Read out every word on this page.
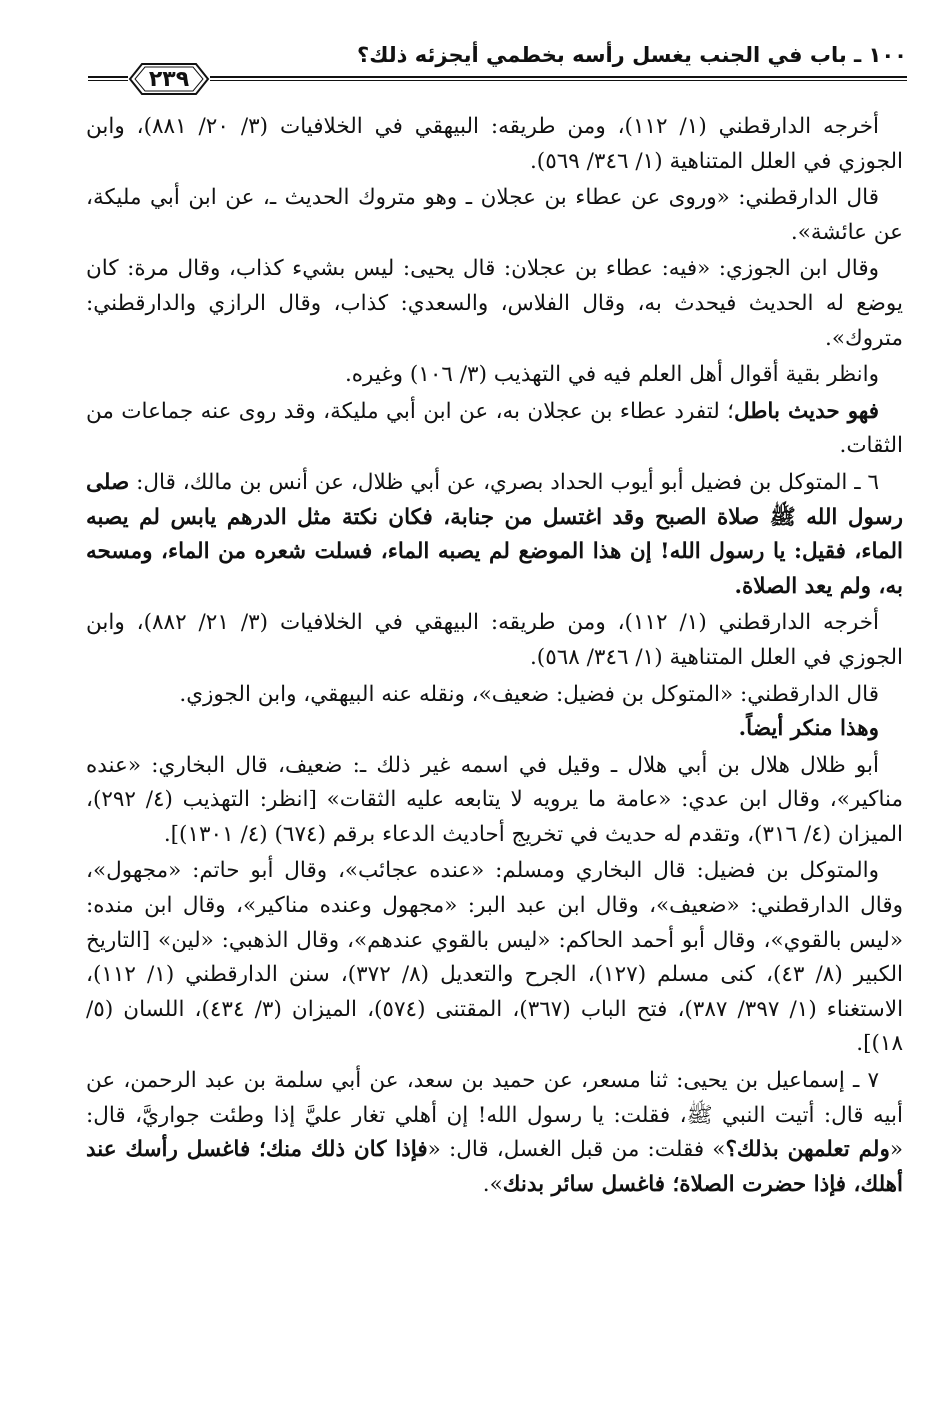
١٠٠ ـ باب في الجنب يغسل رأسه بخطمي أيجزئه ذلك؟
٢٣٩

أخرجه الدارقطني (١/ ١١٢)، ومن طريقه: البيهقي في الخلافيات (٣/ ٢٠/ ٨٨١)، وابن الجوزي في العلل المتناهية (١/ ٣٤٦/ ٥٦٩).

قال الدارقطني: «وروى عن عطاء بن عجلان ـ وهو متروك الحديث ـ، عن ابن أبي مليكة، عن عائشة».

وقال ابن الجوزي: «فيه: عطاء بن عجلان: قال يحيى: ليس بشيء كذاب، وقال مرة: كان يوضع له الحديث فيحدث به، وقال الفلاس، والسعدي: كذاب، وقال الرازي والدارقطني: متروك».

وانظر بقية أقوال أهل العلم فيه في التهذيب (٣/ ١٠٦) وغيره.

فهو حديث باطل؛ لتفرد عطاء بن عجلان به، عن ابن أبي مليكة، وقد روى عنه جماعات من الثقات.

٦ ـ المتوكل بن فضيل أبو أيوب الحداد بصري، عن أبي ظلال، عن أنس بن مالك، قال: صلى رسول الله ﷺ صلاة الصبح وقد اغتسل من جنابة، فكان نكتة مثل الدرهم يابس لم يصبه الماء، فقيل: يا رسول الله! إن هذا الموضع لم يصبه الماء، فسلت شعره من الماء، ومسحه به، ولم يعد الصلاة.

أخرجه الدارقطني (١/ ١١٢)، ومن طريقه: البيهقي في الخلافيات (٣/ ٢١/ ٨٨٢)، وابن الجوزي في العلل المتناهية (١/ ٣٤٦/ ٥٦٨).

قال الدارقطني: «المتوكل بن فضيل: ضعيف»، ونقله عنه البيهقي، وابن الجوزي.

وهذا منكر أيضاً.

أبو ظلال هلال بن أبي هلال ـ وقيل في اسمه غير ذلك ـ: ضعيف، قال البخاري: «عنده مناكير»، وقال ابن عدي: «عامة ما يرويه لا يتابعه عليه الثقات» [انظر: التهذيب (٤/ ٢٩٢)، الميزان (٤/ ٣١٦)، وتقدم له حديث في تخريج أحاديث الدعاء برقم (٦٧٤) (٤/ ١٣٠١)].

والمتوكل بن فضيل: قال البخاري ومسلم: «عنده عجائب»، وقال أبو حاتم: «مجهول»، وقال الدارقطني: «ضعيف»، وقال ابن عبد البر: «مجهول وعنده مناكير»، وقال ابن منده: «ليس بالقوي»، وقال أبو أحمد الحاكم: «ليس بالقوي عندهم»، وقال الذهبي: «لين» [التاريخ الكبير (٨/ ٤٣)، كنى مسلم (١٢٧)، الجرح والتعديل (٨/ ٣٧٢)، سنن الدارقطني (١/ ١١٢)، الاستغناء (١/ ٣٩٧/ ٣٨٧)، فتح الباب (٣٦٧)، المقتنى (٥٧٤)، الميزان (٣/ ٤٣٤)، اللسان (٥/ ١٨)].

٧ ـ إسماعيل بن يحيى: ثنا مسعر، عن حميد بن سعد، عن أبي سلمة بن عبد الرحمن، عن أبيه قال: أتيت النبي ﷺ، فقلت: يا رسول الله! إن أهلي تغار عليَّ إذا وطئت جواريَّ، قال: «ولم تعلمهن بذلك؟» فقلت: من قبل الغسل، قال: «فإذا كان ذلك منك؛ فاغسل رأسك عند أهلك، فإذا حضرت الصلاة؛ فاغسل سائر بدنك».
